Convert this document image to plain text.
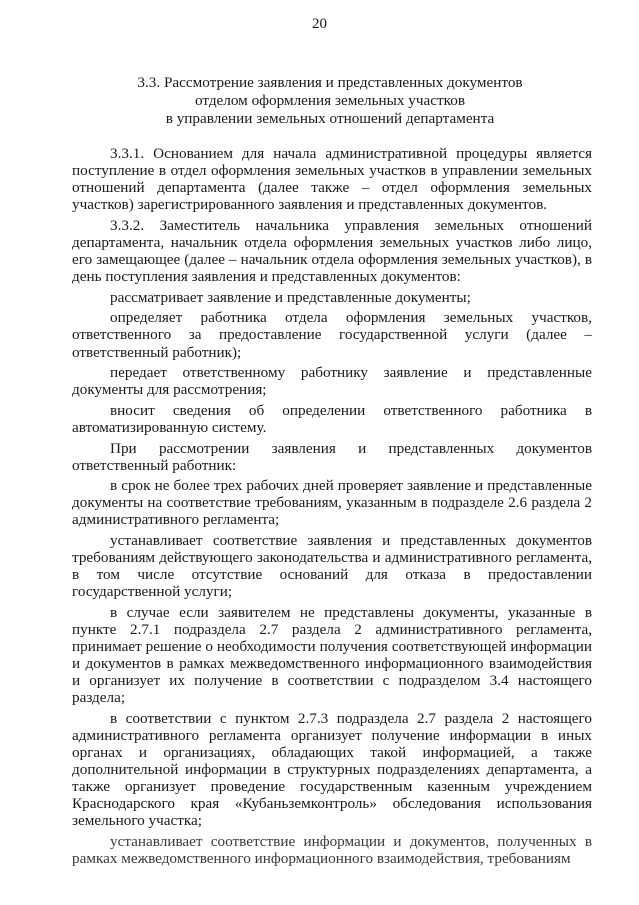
20
3.3. Рассмотрение заявления и представленных документов
отделом оформления земельных участков
в управлении земельных отношений департамента

3.3.1. Основанием для начала административной процедуры является поступление в отдел оформления земельных участков в управлении земельных отношений департамента (далее также – отдел оформления земельных участков) зарегистрированного заявления и представленных документов.

3.3.2. Заместитель начальника управления земельных отношений департамента, начальник отдела оформления земельных участков либо лицо, его замещающее (далее – начальник отдела оформления земельных участков), в день поступления заявления и представленных документов:

рассматривает заявление и представленные документы;

определяет работника отдела оформления земельных участков, ответственного за предоставление государственной услуги (далее – ответственный работник);

передает ответственному работнику заявление и представленные документы для рассмотрения;

вносит сведения об определении ответственного работника в автоматизированную систему.

При рассмотрении заявления и представленных документов ответственный работник:

в срок не более трех рабочих дней проверяет заявление и представленные документы на соответствие требованиям, указанным в подразделе 2.6 раздела 2 административного регламента;

устанавливает соответствие заявления и представленных документов требованиям действующего законодательства и административного регламента, в том числе отсутствие оснований для отказа в предоставлении государственной услуги;

в случае если заявителем не представлены документы, указанные в пункте 2.7.1 подраздела 2.7 раздела 2 административного регламента, принимает решение о необходимости получения соответствующей информации и документов в рамках межведомственного информационного взаимодействия и организует их получение в соответствии с подразделом 3.4 настоящего раздела;

в соответствии с пунктом 2.7.3 подраздела 2.7 раздела 2 настоящего административного регламента организует получение информации в иных органах и организациях, обладающих такой информацией, а также дополнительной информации в структурных подразделениях департамента, а также организует проведение государственным казенным учреждением Краснодарского края «Кубаньземконтроль» обследования использования земельного участка;

устанавливает соответствие информации и документов, полученных в рамках межведомственного информационного взаимодействия, требованиям
